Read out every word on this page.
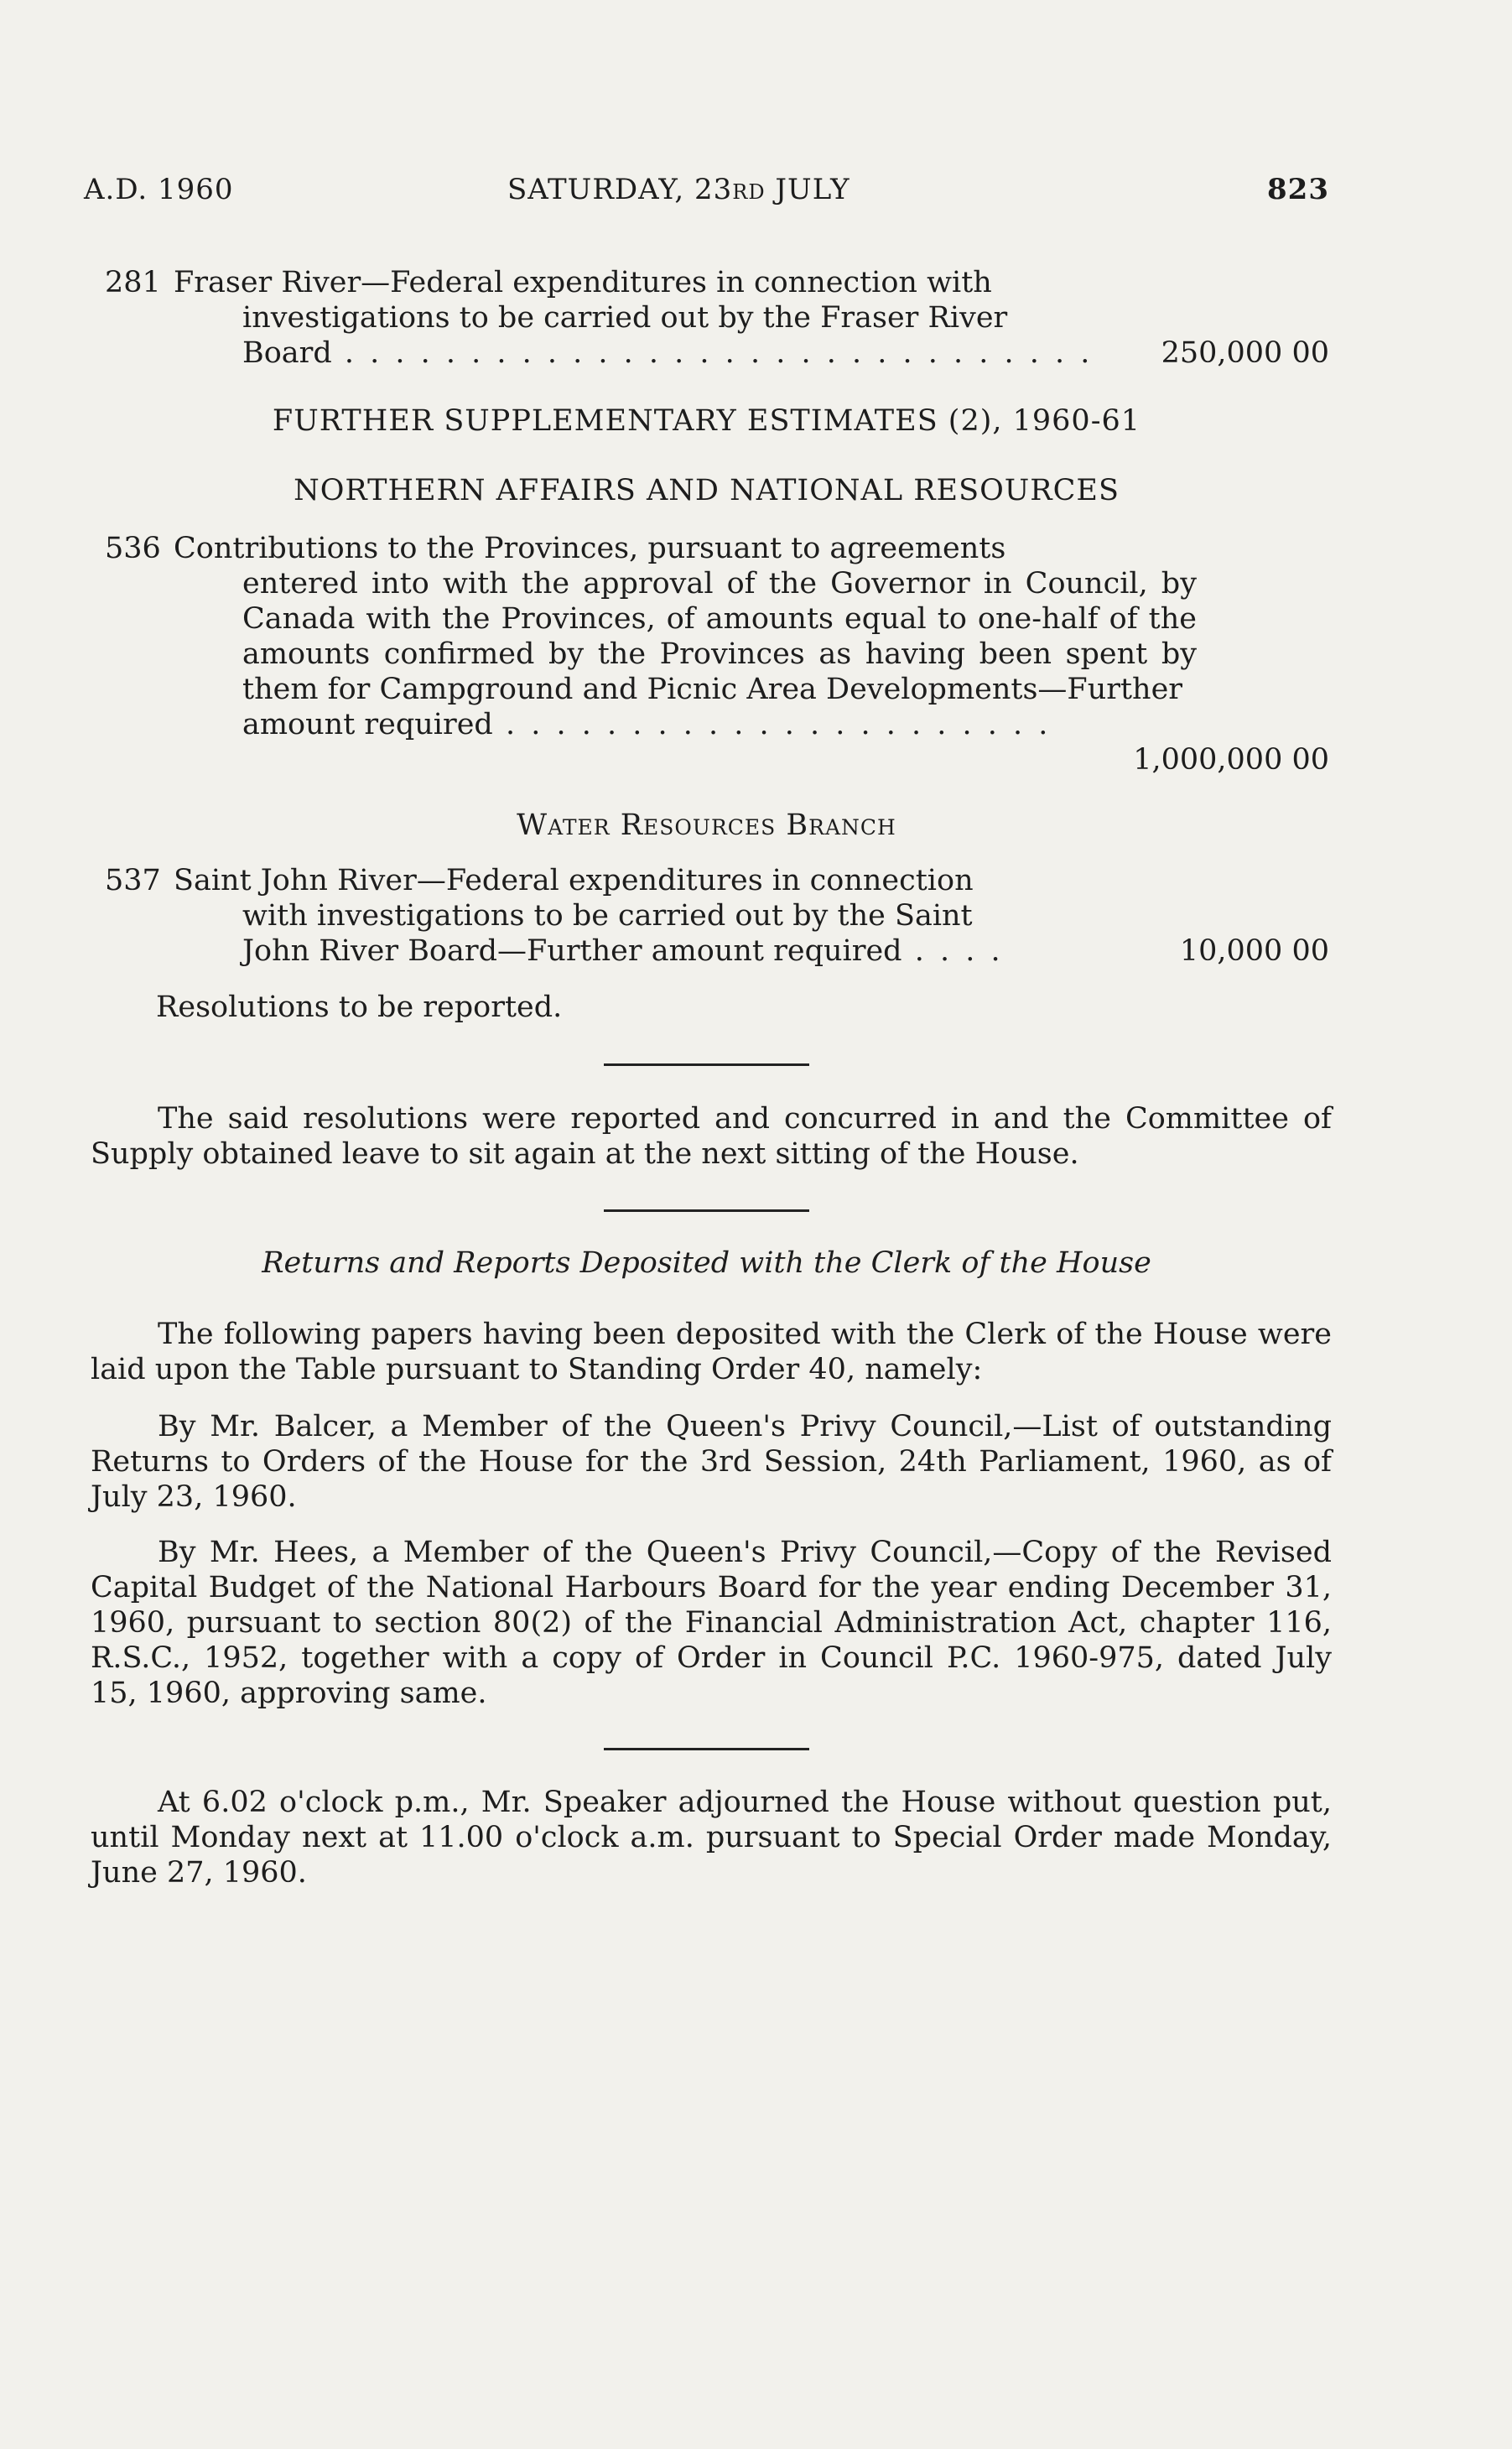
A.D. 1960	SATURDAY, 23RD JULY	823
281 Fraser River—Federal expenditures in connection with
investigations to be carried out by the Fraser River
Board . . . . . . . . . . . . . . . . . . . . . . . . . . . . . .	250,000 00
FURTHER SUPPLEMENTARY ESTIMATES (2), 1960-61
NORTHERN AFFAIRS AND NATIONAL RESOURCES
536 Contributions to the Provinces, pursuant to agreements
entered into with the approval of the Governor in Council, by Canada with the Provinces, of amounts equal to one-half of the amounts confirmed by the Provinces as having been spent by them for Campground and Picnic Area Developments—Further
amount required . . . . . . . . . . . . . . . . . . . . . .
1,000,000 00
Water Resources Branch
537 Saint John River—Federal expenditures in connection
with investigations to be carried out by the Saint
John River Board—Further amount required . . . .	10,000 00
Resolutions to be reported.

The said resolutions were reported and concurred in and the Committee of Supply obtained leave to sit again at the next sitting of the House.

Returns and Reports Deposited with the Clerk of the House

The following papers having been deposited with the Clerk of the House were laid upon the Table pursuant to Standing Order 40, namely:

By Mr. Balcer, a Member of the Queen's Privy Council,—List of outstanding Returns to Orders of the House for the 3rd Session, 24th Parliament, 1960, as of July 23, 1960.

By Mr. Hees, a Member of the Queen's Privy Council,—Copy of the Revised Capital Budget of the National Harbours Board for the year ending December 31, 1960, pursuant to section 80(2) of the Financial Administration Act, chapter 116, R.S.C., 1952, together with a copy of Order in Council P.C. 1960-975, dated July 15, 1960, approving same.

At 6.02 o'clock p.m., Mr. Speaker adjourned the House without question put, until Monday next at 11.00 o'clock a.m. pursuant to Special Order made Monday, June 27, 1960.
